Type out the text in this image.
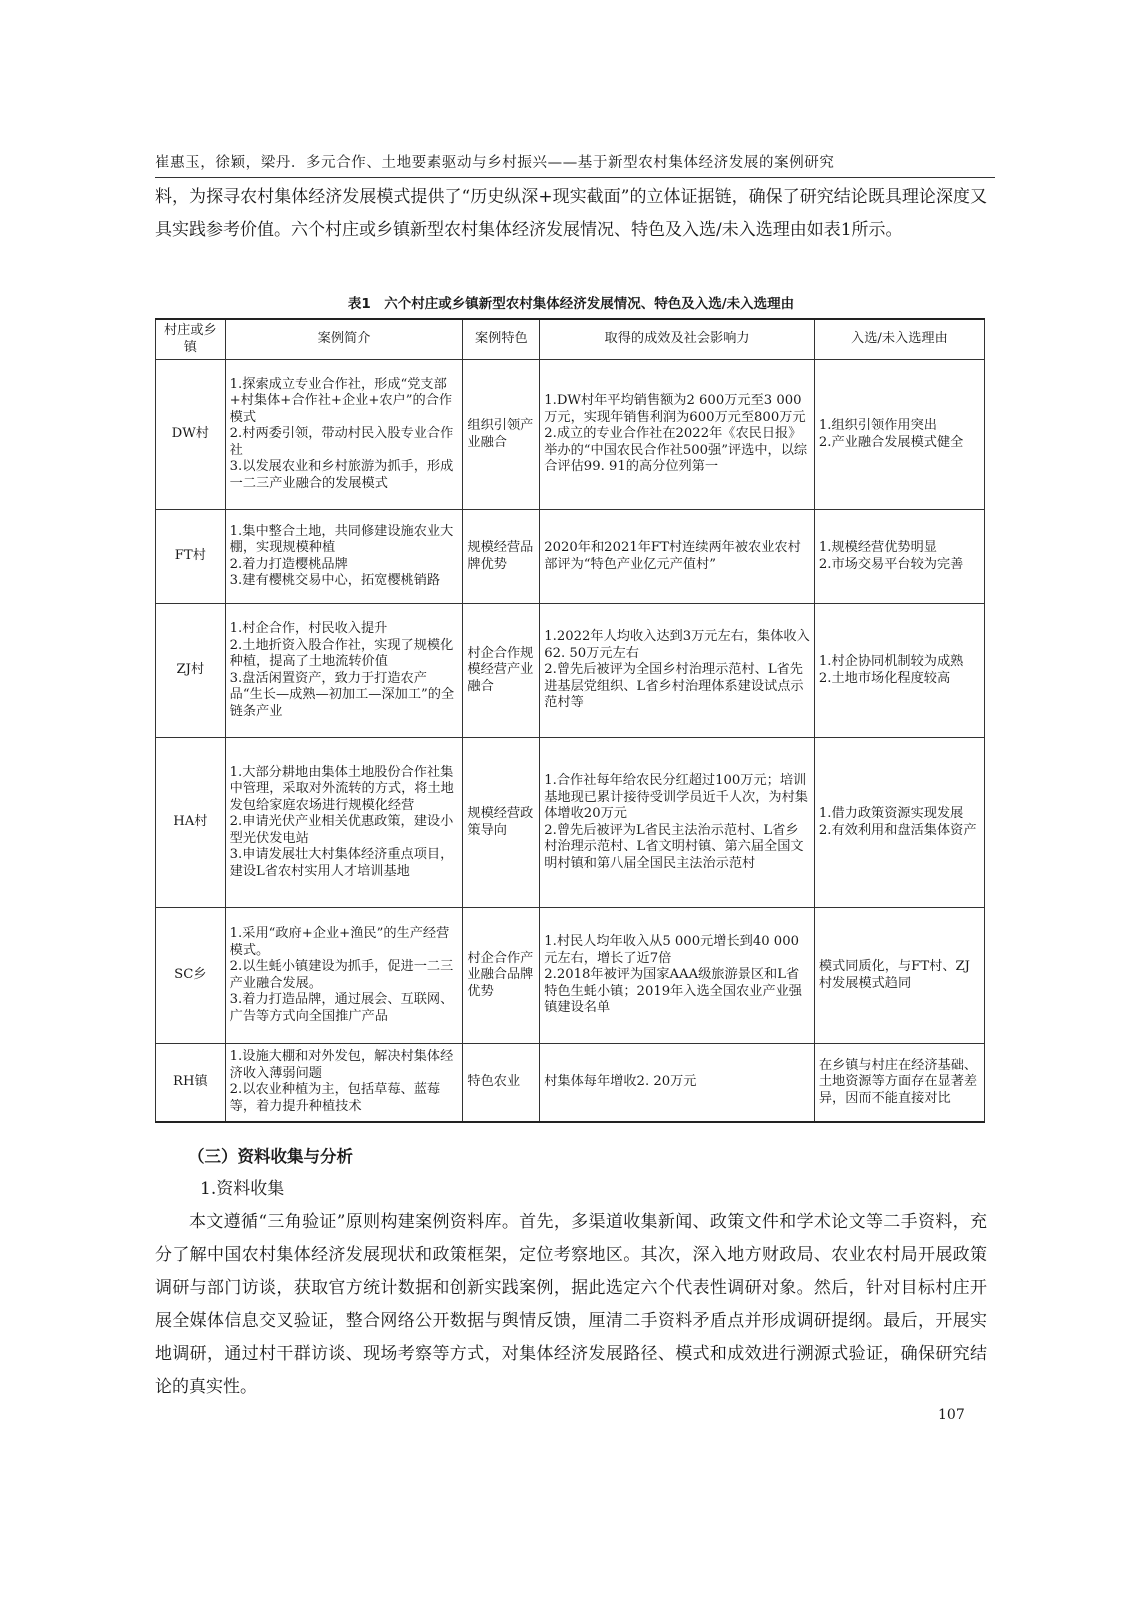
崔惠玉，徐颖，梁丹．多元合作、土地要素驱动与乡村振兴——基于新型农村集体经济发展的案例研究

料，为探寻农村集体经济发展模式提供了“历史纵深+现实截面”的立体证据链，确保了研究结论既具理论深度又具实践参考价值。六个村庄或乡镇新型农村集体经济发展情况、特色及入选/未入选理由如表1所示。

表1　六个村庄或乡镇新型农村集体经济发展情况、特色及入选/未入选理由
村庄或乡镇	案例简介	案例特色	取得的成效及社会影响力	入选/未入选理由
DW村	1.探索成立专业合作社，形成“党支部+村集体+合作社+企业+农户”的合作模式
2.村两委引领，带动村民入股专业合作社
3.以发展农业和乡村旅游为抓手，形成一二三产业融合的发展模式	组织引领产业融合	1.DW村年平均销售额为2 600万元至3 000万元，实现年销售利润为600万元至800万元
2.成立的专业合作社在2022年《农民日报》举办的“中国农民合作社500强”评选中，以综合评估99. 91的高分位列第一	1.组织引领作用突出
2.产业融合发展模式健全

FT村	1.集中整合土地，共同修建设施农业大棚，实现规模种植
2.着力打造樱桃品牌
3.建有樱桃交易中心，拓宽樱桃销路	规模经营品牌优势	2020年和2021年FT村连续两年被农业农村部评为“特色产业亿元产值村”	1.规模经营优势明显
2.市场交易平台较为完善

ZJ村	1.村企合作，村民收入提升
2.土地折资入股合作社，实现了规模化种植，提高了土地流转价值
3.盘活闲置资产，致力于打造农产品“生长—成熟—初加工—深加工”的全链条产业	村企合作规模经营产业融合	1.2022年人均收入达到3万元左右，集体收入62. 50万元左右
2.曾先后被评为全国乡村治理示范村、L省先进基层党组织、L省乡村治理体系建设试点示范村等	1.村企协同机制较为成熟
2.土地市场化程度较高

HA村	1.大部分耕地由集体土地股份合作社集中管理，采取对外流转的方式，将土地发包给家庭农场进行规模化经营
2.申请光伏产业相关优惠政策，建设小型光伏发电站
3.申请发展壮大村集体经济重点项目，建设L省农村实用人才培训基地	规模经营政策导向	1.合作社每年给农民分红超过100万元；培训基地现已累计接待受训学员近千人次，为村集体增收20万元
2.曾先后被评为L省民主法治示范村、L省乡村治理示范村、L省文明村镇、第六届全国文明村镇和第八届全国民主法治示范村	1.借力政策资源实现发展
2.有效利用和盘活集体资产

SC乡	1.采用“政府+企业+渔民”的生产经营模式。
2.以生蚝小镇建设为抓手，促进一二三产业融合发展。
3.着力打造品牌，通过展会、互联网、广告等方式向全国推广产品	村企合作产业融合品牌优势	1.村民人均年收入从5 000元增长到40 000元左右，增长了近7倍
2.2018年被评为国家AAA级旅游景区和L省特色生蚝小镇；2019年入选全国农业产业强镇建设名单	模式同质化，与FT村、ZJ村发展模式趋同

RH镇	1.设施大棚和对外发包，解决村集体经济收入薄弱问题
2.以农业种植为主，包括草莓、蓝莓等，着力提升种植技术	特色农业	村集体每年增收2. 20万元	在乡镇与村庄在经济基础、土地资源等方面存在显著差异，因而不能直接对比
（三）资料收集与分析
1.资料收集

本文遵循“三角验证”原则构建案例资料库。首先，多渠道收集新闻、政策文件和学术论文等二手资料，充分了解中国农村集体经济发展现状和政策框架，定位考察地区。其次，深入地方财政局、农业农村局开展政策调研与部门访谈，获取官方统计数据和创新实践案例，据此选定六个代表性调研对象。然后，针对目标村庄开展全媒体信息交叉验证，整合网络公开数据与舆情反馈，厘清二手资料矛盾点并形成调研提纲。最后，开展实地调研，通过村干群访谈、现场考察等方式，对集体经济发展路径、模式和成效进行溯源式验证，确保研究结论的真实性。

107
